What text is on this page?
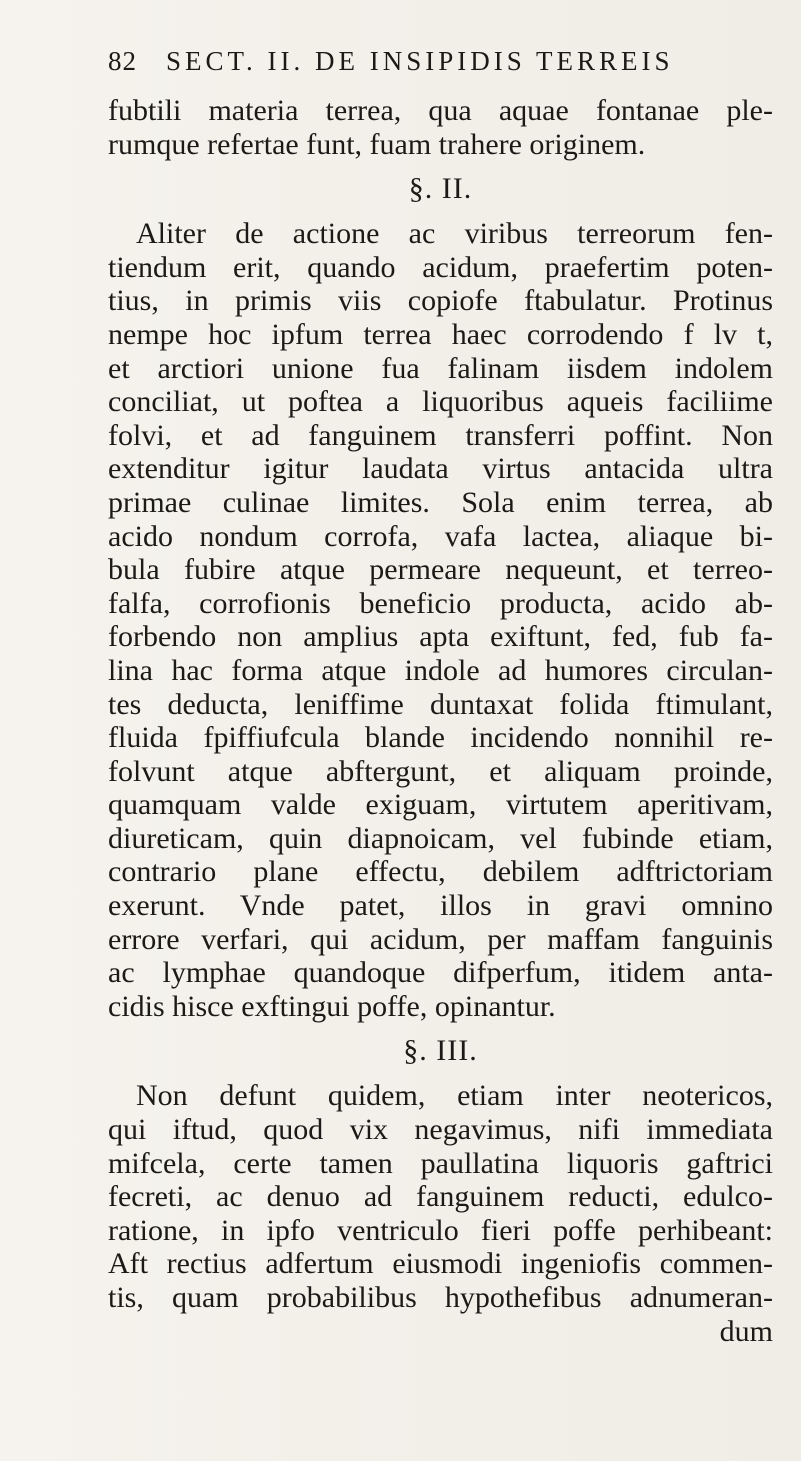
82	SECT. II. DE INSIPIDIS TERREIS
fubtili materia terrea, qua aquae fontanae ple-
rumque refertae funt, fuam trahere originem.
§. II.
Aliter de actione ac viribus terreorum fen-
tiendum erit, quando acidum, praefertim poten-
tius, in primis viis copiofe ftabulatur. Protinus
nempe hoc ipfum terrea haec corrodendo f lv t,
et arctiori unione fua falinam iisdem indolem
conciliat, ut poftea a liquoribus aqueis faciliime
folvi, et ad fanguinem transferri poffint. Non
extenditur igitur laudata virtus antacida ultra
primae culinae limites. Sola enim terrea, ab
acido nondum corrofa, vafa lactea, aliaque bi-
bula fubire atque permeare nequeunt, et terreo-
falfa, corrofionis beneficio producta, acido ab-
forbendo non amplius apta exiftunt, fed, fub fa-
lina hac forma atque indole ad humores circulan-
tes deducta, leniffime duntaxat folida ftimulant,
fluida fpiffiufcula blande incidendo nonnihil re-
folvunt atque abftergunt, et aliquam proinde,
quamquam valde exiguam, virtutem aperitivam,
diureticam, quin diapnoicam, vel fubinde etiam,
contrario plane effectu, debilem adftrictoriam
exerunt. Vnde patet, illos in gravi omnino
errore verfari, qui acidum, per maffam fanguinis
ac lymphae quandoque difperfum, itidem anta-
cidis hisce exftingui poffe, opinantur.
§. III.
Non defunt quidem, etiam inter neotericos,
qui iftud, quod vix negavimus, nifi immediata
mifcela, certe tamen paullatina liquoris gaftrici
fecreti, ac denuo ad fanguinem reducti, edulco-
ratione, in ipfo ventriculo fieri poffe perhibeant:
Aft rectius adfertum eiusmodi ingeniofis commen-
tis, quam probabilibus hypothefibus adnumeran-
dum
